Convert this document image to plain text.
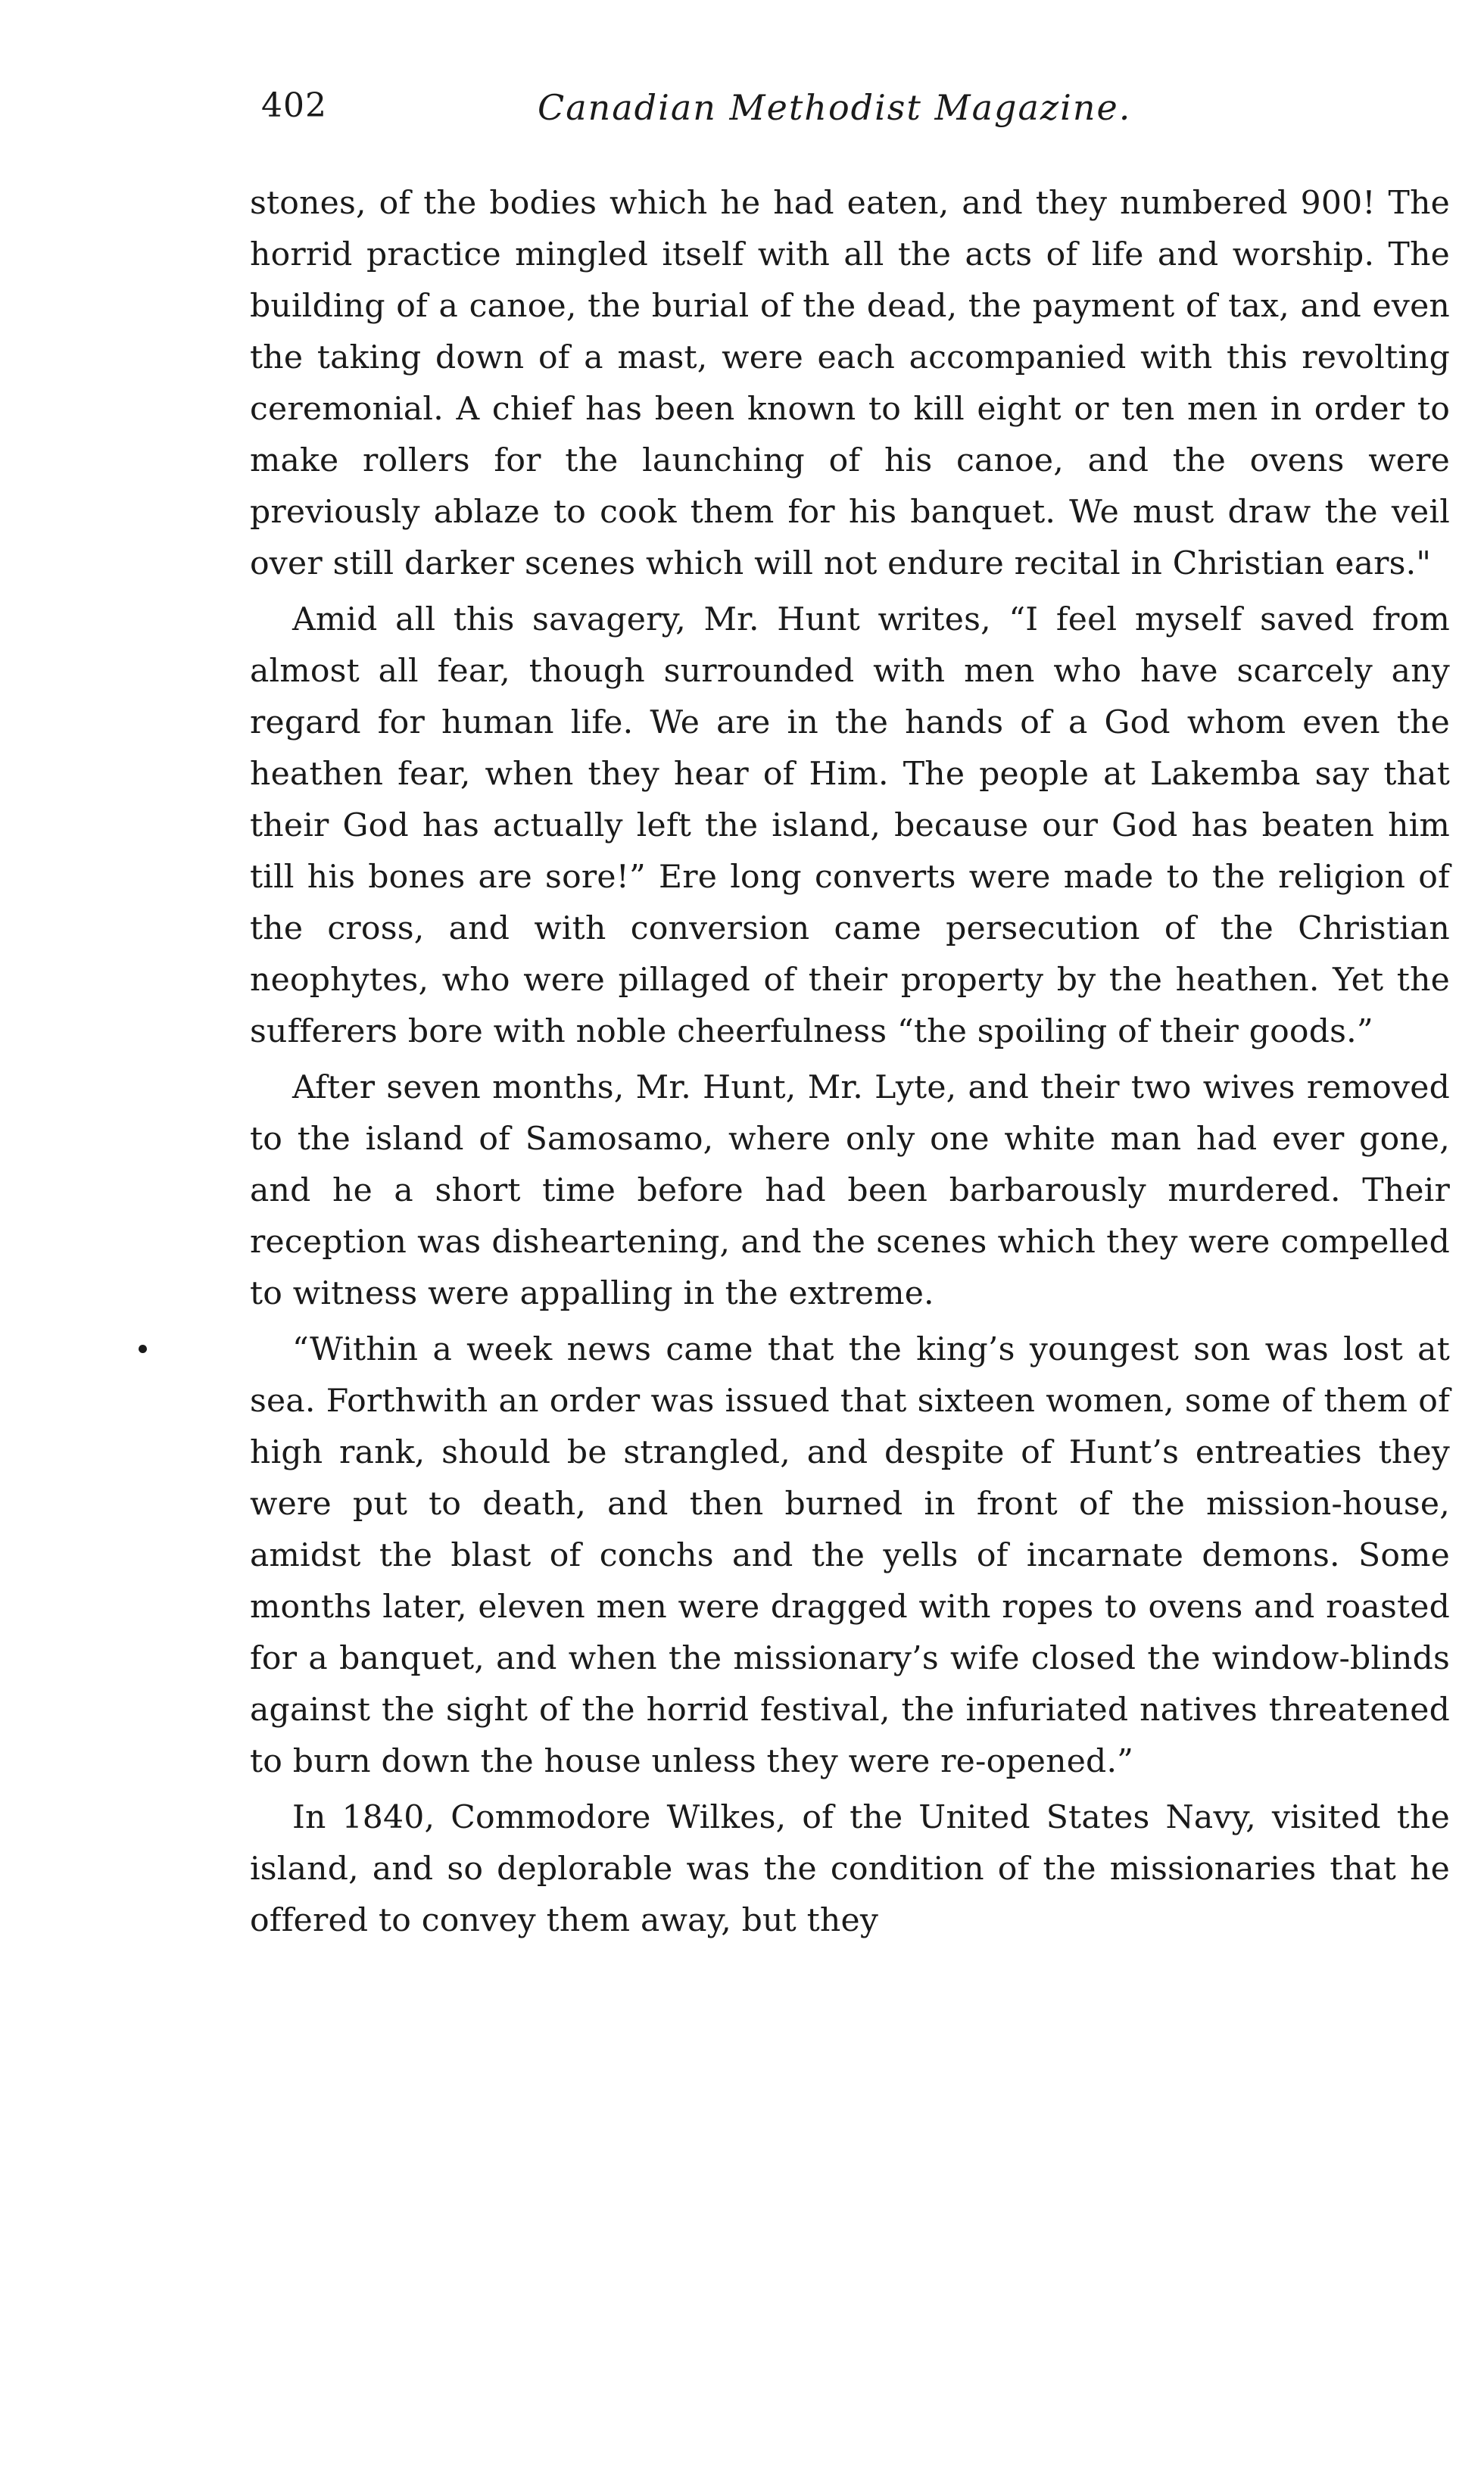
402	Canadian Methodist Magazine.

stones, of the bodies which he had eaten, and they numbered 900! The horrid practice mingled itself with all the acts of life and worship. The building of a canoe, the burial of the dead, the payment of tax, and even the taking down of a mast, were each accompanied with this revolting ceremonial. A chief has been known to kill eight or ten men in order to make rollers for the launching of his canoe, and the ovens were previously ablaze to cook them for his banquet. We must draw the veil over still darker scenes which will not endure recital in Christian ears."

Amid all this savagery, Mr. Hunt writes, “I feel myself saved from almost all fear, though surrounded with men who have scarcely any regard for human life. We are in the hands of a God whom even the heathen fear, when they hear of Him. The people at Lakemba say that their God has actually left the island, because our God has beaten him till his bones are sore!” Ere long converts were made to the religion of the cross, and with conversion came persecution of the Christian neophytes, who were pillaged of their property by the heathen. Yet the sufferers bore with noble cheerfulness “the spoiling of their goods.”

After seven months, Mr. Hunt, Mr. Lyte, and their two wives removed to the island of Samosamo, where only one white man had ever gone, and he a short time before had been barbarously murdered. Their reception was disheartening, and the scenes which they were compelled to witness were appalling in the extreme.

“Within a week news came that the king’s youngest son was lost at sea. Forthwith an order was issued that sixteen women, some of them of high rank, should be strangled, and despite of Hunt’s entreaties they were put to death, and then burned in front of the mission-house, amidst the blast of conchs and the yells of incarnate demons. Some months later, eleven men were dragged with ropes to ovens and roasted for a banquet, and when the missionary’s wife closed the window-blinds against the sight of the horrid festival, the infuriated natives threatened to burn down the house unless they were re-opened.”

In 1840, Commodore Wilkes, of the United States Navy, visited the island, and so deplorable was the condition of the missionaries that he offered to convey them away, but they
